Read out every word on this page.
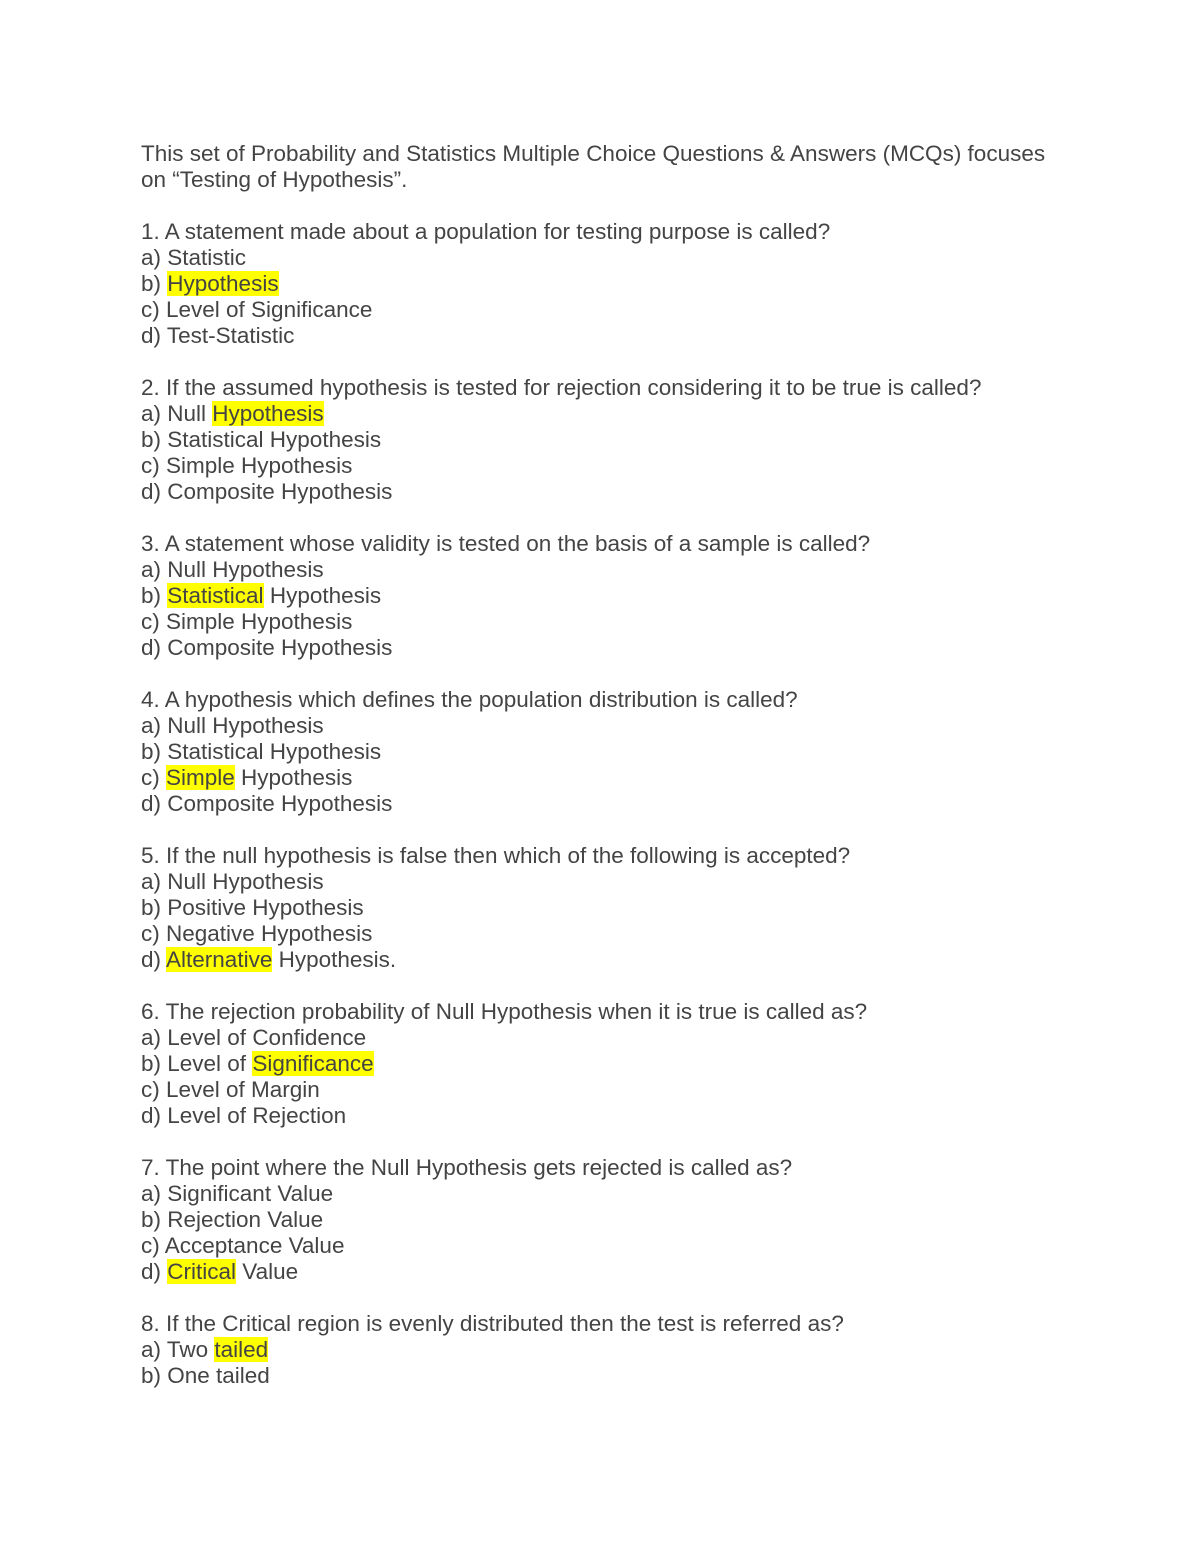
This set of Probability and Statistics Multiple Choice Questions & Answers (MCQs) focuses

on “Testing of Hypothesis”.

1. A statement made about a population for testing purpose is called?

a) Statistic

b) Hypothesis

c) Level of Significance

d) Test-Statistic

2. If the assumed hypothesis is tested for rejection considering it to be true is called?

a) Null Hypothesis

b) Statistical Hypothesis

c) Simple Hypothesis

d) Composite Hypothesis

3. A statement whose validity is tested on the basis of a sample is called?

a) Null Hypothesis

b) Statistical Hypothesis

c) Simple Hypothesis

d) Composite Hypothesis

4. A hypothesis which defines the population distribution is called?

a) Null Hypothesis

b) Statistical Hypothesis

c) Simple Hypothesis

d) Composite Hypothesis

5. If the null hypothesis is false then which of the following is accepted?

a) Null Hypothesis

b) Positive Hypothesis

c) Negative Hypothesis

d) Alternative Hypothesis.

6. The rejection probability of Null Hypothesis when it is true is called as?

a) Level of Confidence

b) Level of Significance

c) Level of Margin

d) Level of Rejection

7. The point where the Null Hypothesis gets rejected is called as?

a) Significant Value

b) Rejection Value

c) Acceptance Value

d) Critical Value

8. If the Critical region is evenly distributed then the test is referred as?

a) Two tailed

b) One tailed
